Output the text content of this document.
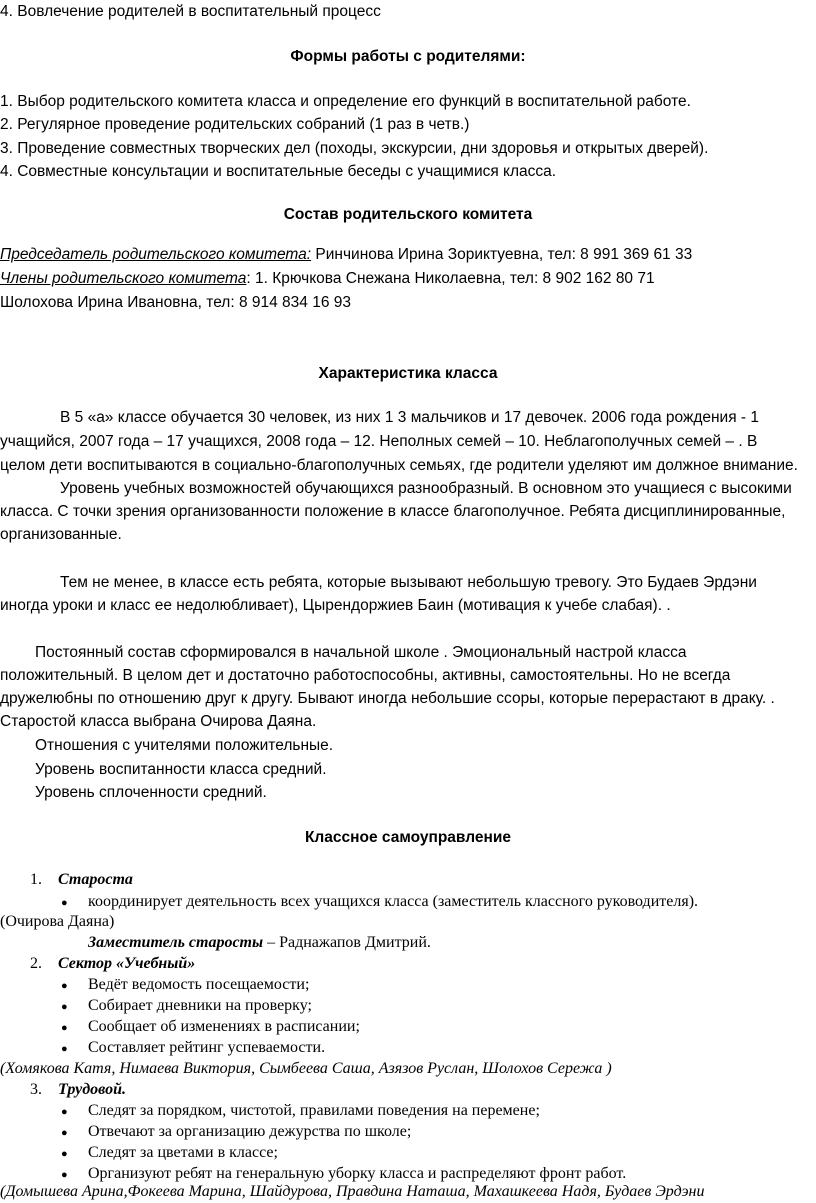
4. Вовлечение родителей в воспитательный процесс
Формы работы с родителями:
1. Выбор родительского комитета класса и определение его функций в воспитательной работе.
2. Регулярное проведение родительских собраний (1 раз в четв.)
3. Проведение совместных творческих дел (походы, экскурсии, дни здоровья и открытых дверей).
4. Совместные консультации и воспитательные беседы с учащимися класса.
Состав родительского комитета
Председатель родительского комитета: Ринчинова Ирина Зориктуевна, тел: 8 991 369 61 33
Члены родительского комитета: 1. Крючкова Снежана Николаевна, тел: 8 902 162 80 71
Шолохова Ирина Ивановна, тел: 8 914 834 16 93
Характеристика класса
В 5 «а» классе обучается 30 человек, из них 1 3 мальчиков и 17 девочек. 2006 года рождения - 1
учащийся, 2007 года – 17 учащихся, 2008 года – 12. Неполных семей – 10. Неблагополучных семей – . В
целом дети воспитываются в социально-благополучных семьях, где родители уделяют им должное внимание.
Уровень учебных возможностей обучающихся разнообразный. В основном это учащиеся с высокими
класса. С точки зрения организованности положение в классе благополучное. Ребята дисциплинированные,
организованные.
Тем не менее, в классе есть ребята, которые вызывают небольшую тревогу. Это Будаев Эрдэни
иногда уроки и класс ее недолюбливает), Цырендоржиев Баин (мотивация к учебе слабая). .
Постоянный состав сформировался в начальной школе . Эмоциональный настрой класса
положительный. В целом дет и достаточно работоспособны, активны, самостоятельны. Но не всегда
дружелюбны по отношению друг к другу. Бывают иногда небольшие ссоры, которые перерастают в драку. .
Старостой класса выбрана Очирова Даяна.
Отношения с учителями положительные.
Уровень воспитанности класса средний.
Уровень сплоченности средний.
Классное самоуправление
1. Староста
● координирует деятельность всех учащихся класса (заместитель классного руководителя).
(Очирова Даяна)
Заместитель старосты – Раднажапов Дмитрий.
2. Сектор «Учебный»
● Ведёт ведомость посещаемости;
● Собирает дневники на проверку;
● Сообщает об изменениях в расписании;
● Составляет рейтинг успеваемости.
(Хомякова Катя, Нимаева Виктория, Сымбеева Саша, Азязов Руслан, Шолохов Сережа )
3. Трудовой.
● Следят за порядком, чистотой, правилами поведения на перемене;
● Отвечают за организацию дежурства по школе;
● Следят за цветами в классе;
● Организуют ребят на генеральную уборку класса и распределяют фронт работ.
(Домышева Арина,Фокеева Марина, Шайдурова, Правдина Наташа, Махашкеева Надя, Будаев Эрдэни
